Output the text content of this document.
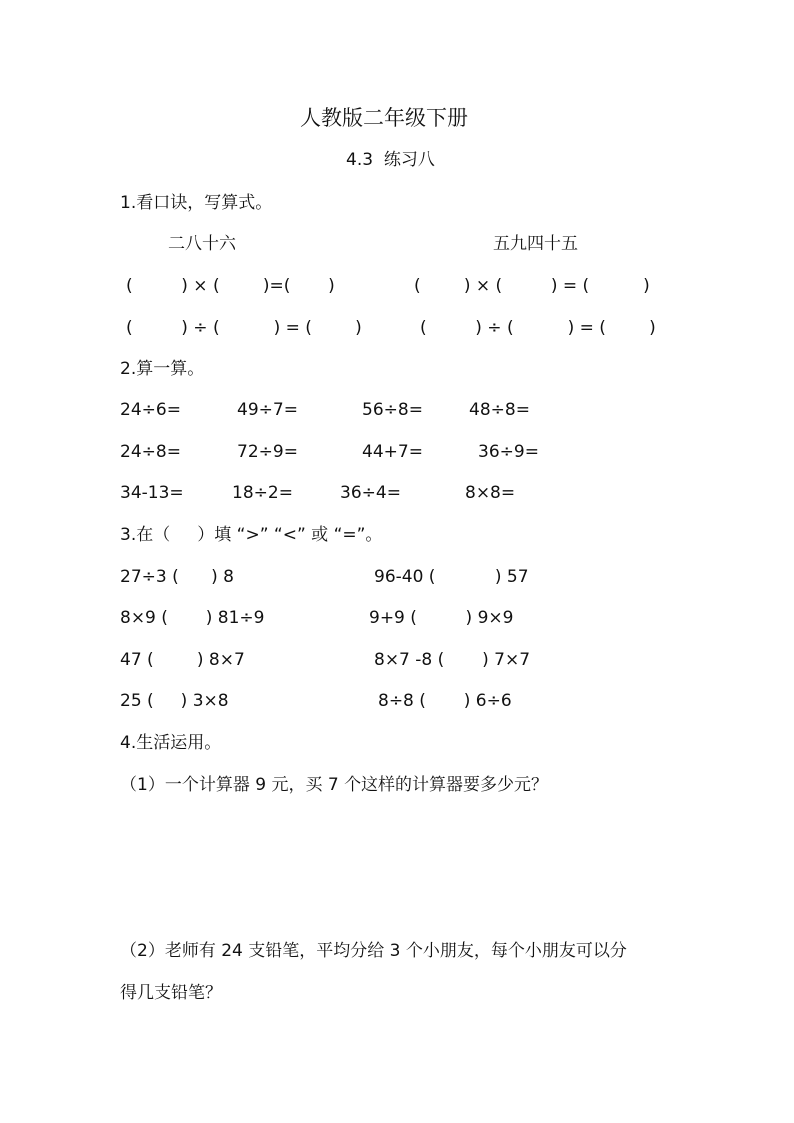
人教版二年级下册
4.3  练习八
1.看口诀，写算式。
二八十六	五九四十五
(         ) × (        )=(       )	(        ) × (         ) = (          )
(         ) ÷ (          ) = (        )	(         ) ÷ (          ) = (        )
2.算一算。
24÷6=	49÷7=	56÷8=	48÷8=
24÷8=	72÷9=	44+7=	36÷9=
34-13=	18÷2=	36÷4=	8×8=
3.在（     ）填 “>” “<” 或 “=”。
27÷3 (      ) 8	96-40 (           ) 57
8×9 (       ) 81÷9	9+9 (         ) 9×9
47 (        ) 8×7	8×7 -8 (       ) 7×7
25 (     ) 3×8	8÷8 (       ) 6÷6
4.生活运用。
（1）一个计算器 9 元，买 7 个这样的计算器要多少元？
（2）老师有 24 支铅笔，平均分给 3 个小朋友，每个小朋友可以分
得几支铅笔？
